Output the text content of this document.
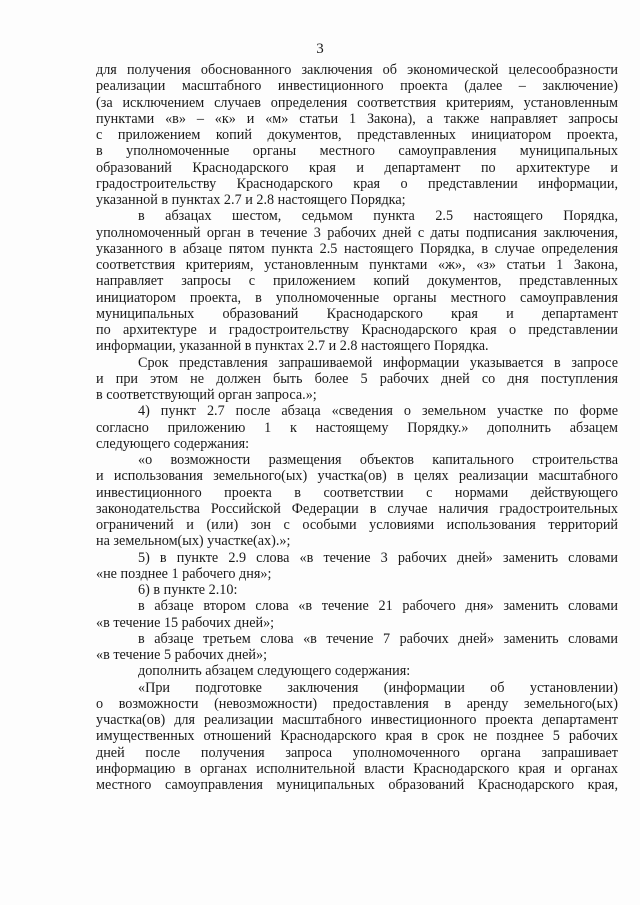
3

для получения обоснованного заключения об экономической целесообразности

реализации масштабного инвестиционного проекта (далее – заключение)

(за исключением случаев определения соответствия критериям, установленным

пунктами «в» – «к» и «м» статьи 1 Закона), а также направляет запросы

с приложением копий документов, представленных инициатором проекта,

в уполномоченные органы местного самоуправления муниципальных

образований Краснодарского края и департамент по архитектуре и

градостроительству Краснодарского края о представлении информации,

указанной в пунктах 2.7 и 2.8 настоящего Порядка;

в абзацах шестом, седьмом пункта 2.5 настоящего Порядка,

уполномоченный орган в течение 3 рабочих дней с даты подписания заключения,

указанного в абзаце пятом пункта 2.5 настоящего Порядка, в случае определения

соответствия критериям, установленным пунктами «ж», «з» статьи 1 Закона,

направляет запросы с приложением копий документов, представленных

инициатором проекта, в уполномоченные органы местного самоуправления

муниципальных образований Краснодарского края и департамент

по архитектуре и градостроительству Краснодарского края о представлении

информации, указанной в пунктах 2.7 и 2.8 настоящего Порядка.

Срок представления запрашиваемой информации указывается в запросе

и при этом не должен быть более 5 рабочих дней со дня поступления

в соответствующий орган запроса.»;

4) пункт 2.7 после абзаца «сведения о земельном участке по форме

согласно приложению 1 к настоящему Порядку.» дополнить абзацем

следующего содержания:

«о возможности размещения объектов капитального строительства

и использования земельного(ых) участка(ов) в целях реализации масштабного

инвестиционного проекта в соответствии с нормами действующего

законодательства Российской Федерации в случае наличия градостроительных

ограничений и (или) зон с особыми условиями использования территорий

на земельном(ых) участке(ах).»;

5) в пункте 2.9 слова «в течение 3 рабочих дней» заменить словами

«не позднее 1 рабочего дня»;

6) в пункте 2.10:

в абзаце втором слова «в течение 21 рабочего дня» заменить словами

«в течение 15 рабочих дней»;

в абзаце третьем слова «в течение 7 рабочих дней» заменить словами

«в течение 5 рабочих дней»;

дополнить абзацем следующего содержания:

«При подготовке заключения (информации об установлении)

о возможности (невозможности) предоставления в аренду земельного(ых)

участка(ов) для реализации масштабного инвестиционного проекта департамент

имущественных отношений Краснодарского края в срок не позднее 5 рабочих

дней после получения запроса уполномоченного органа запрашивает

информацию в органах исполнительной власти Краснодарского края и органах

местного самоуправления муниципальных образований Краснодарского края,
